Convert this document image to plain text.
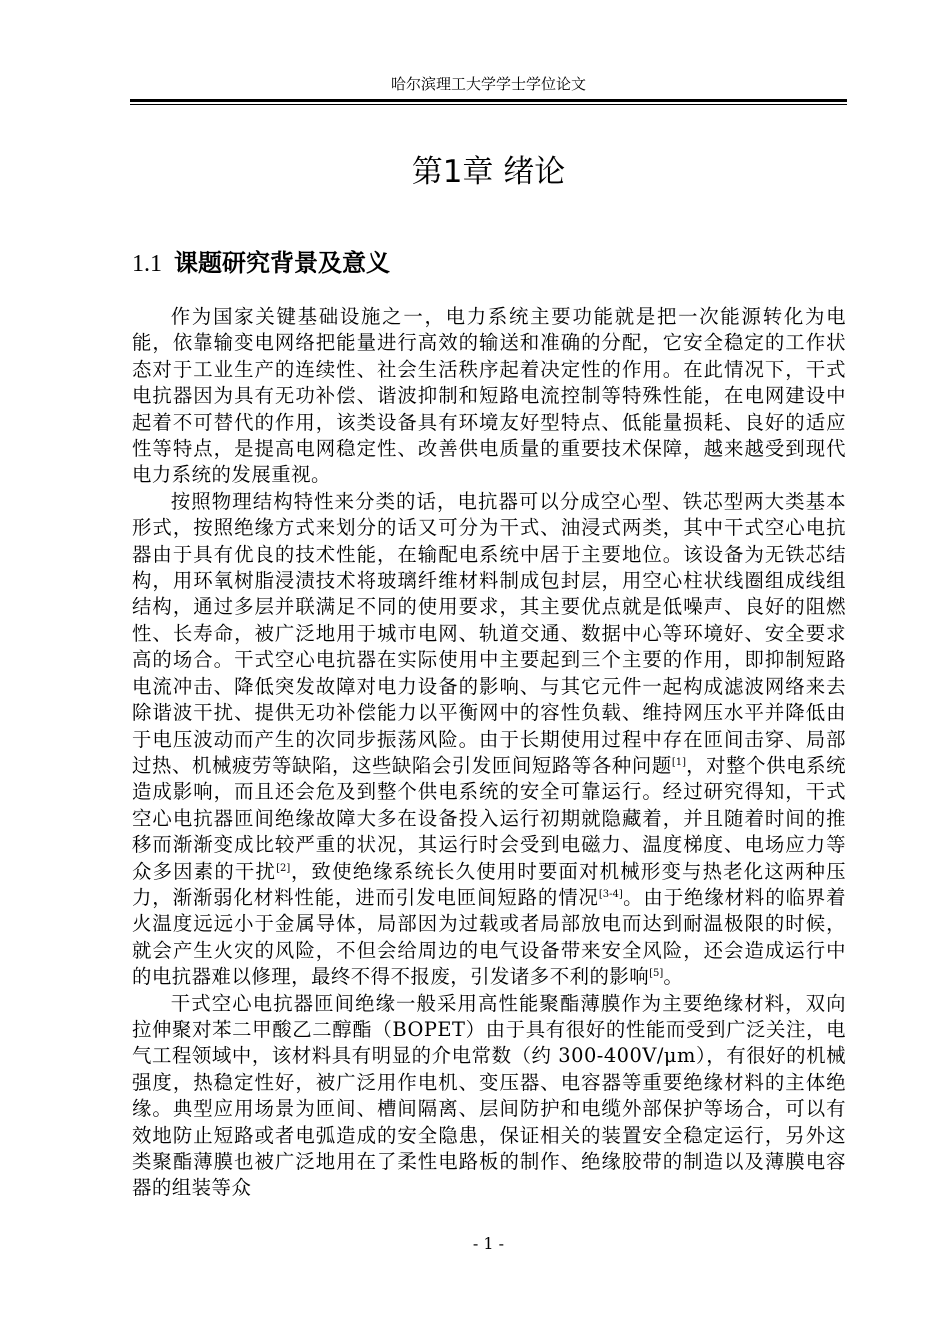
哈尔滨理工大学学士学位论文
第1章 绪论
1.1 课题研究背景及意义

作为国家关键基础设施之一，电力系统主要功能就是把一次能源转化为电能，依靠输变电网络把能量进行高效的输送和准确的分配，它安全稳定的工作状态对于工业生产的连续性、社会生活秩序起着决定性的作用。在此情况下，干式电抗器因为具有无功补偿、谐波抑制和短路电流控制等特殊性能，在电网建设中起着不可替代的作用，该类设备具有环境友好型特点、低能量损耗、良好的适应性等特点，是提高电网稳定性、改善供电质量的重要技术保障，越来越受到现代电力系统的发展重视。

按照物理结构特性来分类的话，电抗器可以分成空心型、铁芯型两大类基本形式，按照绝缘方式来划分的话又可分为干式、油浸式两类，其中干式空心电抗器由于具有优良的技术性能，在输配电系统中居于主要地位。该设备为无铁芯结构，用环氧树脂浸渍技术将玻璃纤维材料制成包封层，用空心柱状线圈组成线组结构，通过多层并联满足不同的使用要求，其主要优点就是低噪声、良好的阻燃性、长寿命，被广泛地用于城市电网、轨道交通、数据中心等环境好、安全要求高的场合。干式空心电抗器在实际使用中主要起到三个主要的作用，即抑制短路电流冲击、降低突发故障对电力设备的影响、与其它元件一起构成滤波网络来去除谐波干扰、提供无功补偿能力以平衡网中的容性负载、维持网压水平并降低由于电压波动而产生的次同步振荡风险。由于长期使用过程中存在匝间击穿、局部过热、机械疲劳等缺陷，这些缺陷会引发匝间短路等各种问题[1]，对整个供电系统造成影响，而且还会危及到整个供电系统的安全可靠运行。经过研究得知，干式空心电抗器匝间绝缘故障大多在设备投入运行初期就隐藏着，并且随着时间的推移而渐渐变成比较严重的状况，其运行时会受到电磁力、温度梯度、电场应力等众多因素的干扰[2]，致使绝缘系统长久使用时要面对机械形变与热老化这两种压力，渐渐弱化材料性能，进而引发电匝间短路的情况[3-4]。由于绝缘材料的临界着火温度远远小于金属导体，局部因为过载或者局部放电而达到耐温极限的时候，就会产生火灾的风险，不但会给周边的电气设备带来安全风险，还会造成运行中的电抗器难以修理，最终不得不报废，引发诸多不利的影响[5]。

干式空心电抗器匝间绝缘一般采用高性能聚酯薄膜作为主要绝缘材料，双向拉伸聚对苯二甲酸乙二醇酯（BOPET）由于具有很好的性能而受到广泛关注，电气工程领域中，该材料具有明显的介电常数（约 300-400V/μm），有很好的机械强度，热稳定性好，被广泛用作电机、变压器、电容器等重要绝缘材料的主体绝缘。典型应用场景为匝间、槽间隔离、层间防护和电缆外部保护等场合，可以有效地防止短路或者电弧造成的安全隐患，保证相关的装置安全稳定运行，另外这类聚酯薄膜也被广泛地用在了柔性电路板的制作、绝缘胶带的制造以及薄膜电容器的组装等众

- 1 -
